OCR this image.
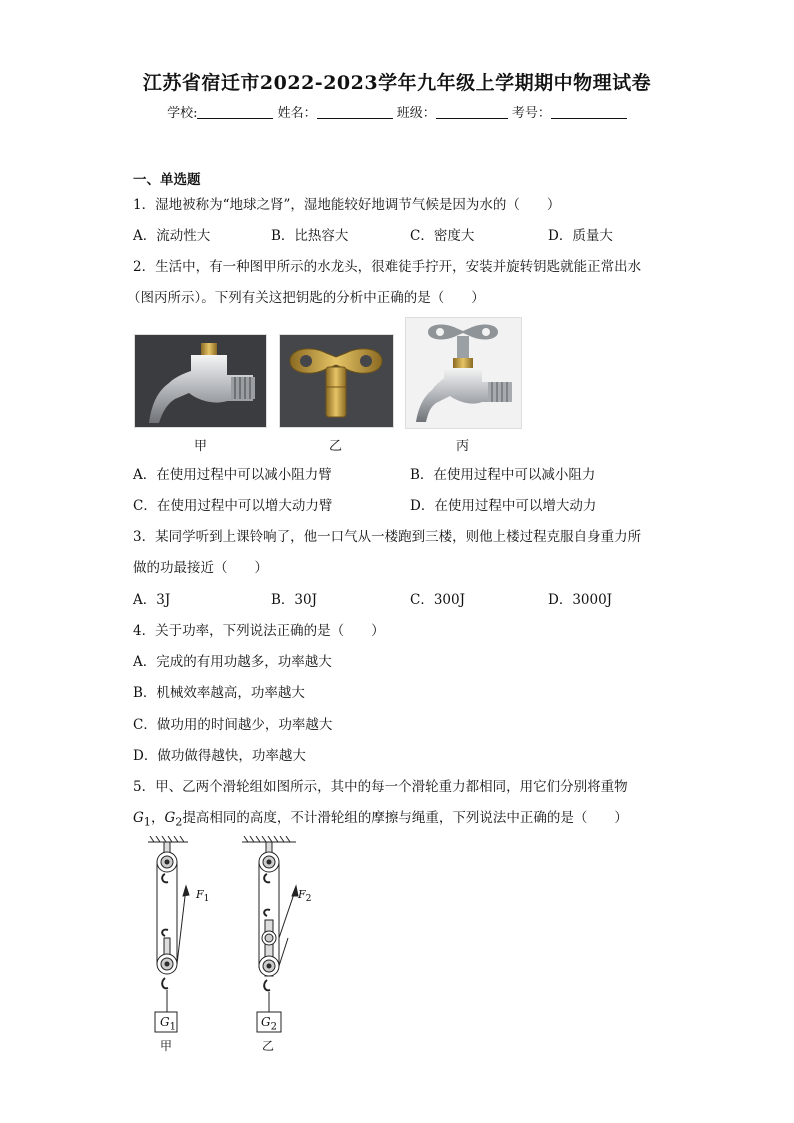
江苏省宿迁市2022-2023学年九年级上学期期中物理试卷
学校:	姓名：	班级：	考号：
一、单选题
1．湿地被称为“地球之肾”，湿地能较好地调节气候是因为水的（　　）
A．流动性大	B．比热容大	C．密度大	D．质量大
2．生活中，有一种图甲所示的水龙头，很难徒手拧开，安装并旋转钥匙就能正常出水
（图丙所示）。下列有关这把钥匙的分析中正确的是（　　）
甲	乙	丙
A．在使用过程中可以减小阻力臂	B．在使用过程中可以减小阻力
C．在使用过程中可以增大动力臂	D．在使用过程中可以增大动力
3．某同学听到上课铃响了，他一口气从一楼跑到三楼，则他上楼过程克服自身重力所
做的功最接近（　　）
A．3J	B．30J	C．300J	D．3000J
4．关于功率，下列说法正确的是（　　）
A．完成的有用功越多，功率越大
B．机械效率越高，功率越大
C．做功用的时间越少，功率越大
D．做功做得越快，功率越大
5．甲、乙两个滑轮组如图所示，其中的每一个滑轮重力都相同，用它们分别将重物
$G_1$，$G_2$提高相同的高度，不计滑轮组的摩擦与绳重，下列说法中正确的是（　　）
$F_1$	$F_2$
$G_1$	$G_2$
甲	乙
